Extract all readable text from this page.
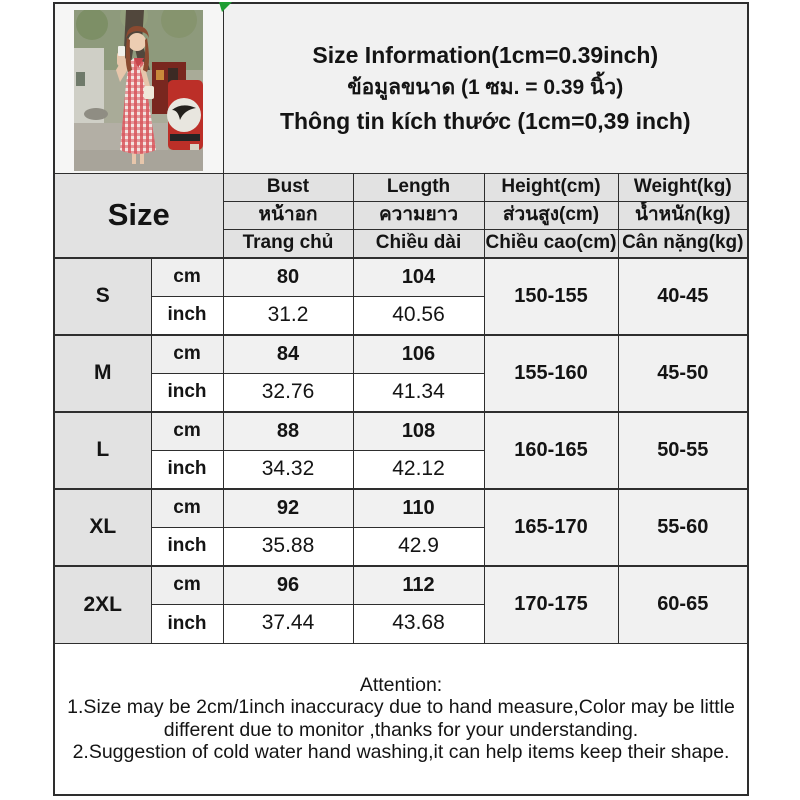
Size Information(1cm=0.39inch)
ข้อมูลขนาด (1 ซม. = 0.39 นิ้ว)
Thông tin kích thước (1cm=0,39 inch)			

Size		Bust	Length	Height(cm)	Weight(kg)
		หน้าอก	ความยาว	ส่วนสูง(cm)	น้ำหนัก(kg)
		Trang chủ	Chiều dài	Chiều cao(cm)	Cân nặng(kg)
S	cm	80	104	150-155	40-45
	inch	31.2	40.56		
M	cm	84	106	155-160	45-50
	inch	32.76	41.34		
L	cm	88	108	160-165	50-55
	inch	34.32	42.12		
XL	cm	92	110	165-170	55-60
	inch	35.88	42.9		
2XL	cm	96	112	170-175	60-65
	inch	37.44	43.68		

Attention:
1.Size may be 2cm/1inch inaccuracy due to hand measure,Color may be little different due to monitor ,thanks for your understanding.
2.Suggestion of cold water hand washing,it can help items keep their shape.					
